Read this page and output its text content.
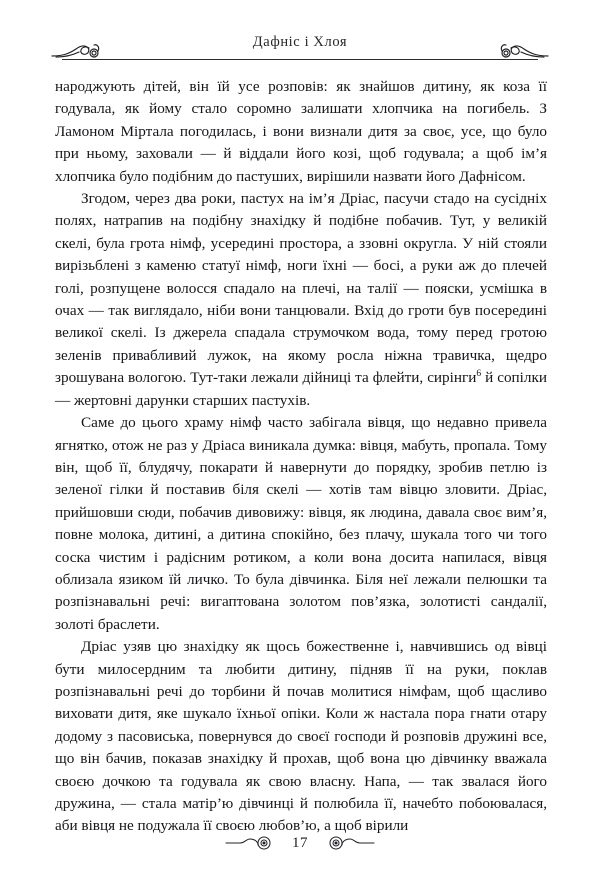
Дафніс і Хлоя

народжують дітей, він їй усе розповів: як знайшов дитину, як коза її годувала, як йому стало соромно залишати хлопчика на погибель. З Ламоном Міртала погодилась, і вони визнали дитя за своє, усе, що було при ньому, заховали — й віддали його козі, щоб годувала; а щоб ім’я хлопчика було подібним до пастуших, вирішили назвати його Дафнісом.

Згодом, через два роки, пастух на ім’я Дріас, пасучи стадо на сусідніх полях, натрапив на подібну знахідку й подібне побачив. Тут, у великій скелі, була грота німф, усередині простора, а ззовні округла. У ній стояли вирізьблені з каменю статуї німф, ноги їхні — босі, а руки аж до плечей голі, розпущене волосся спадало на плечі, на талії — пояски, усмішка в очах — так виглядало, ніби вони танцювали. Вхід до гроти був посередині великої скелі. Із джерела спадала струмочком вода, тому перед гротою зеленів привабливий лужок, на якому росла ніжна травичка, щедро зрошувана вологою. Тут-таки лежали дійниці та флейти, сирінги$^6$ й сопілки — жертовні дарунки старших пастухів.

Саме до цього храму німф часто забігала вівця, що недавно привела ягнятко, отож не раз у Дріаса виникала думка: вівця, мабуть, пропала. Тому він, щоб її, блудячу, покарати й навернути до порядку, зробив петлю із зеленої гілки й поставив біля скелі — хотів там вівцю зловити. Дріас, прийшовши сюди, побачив дивовижу: вівця, як людина, давала своє вим’я, повне молока, дитині, а дитина спокійно, без плачу, шукала того чи того соска чистим і радісним ротиком, а коли вона досита напилася, вівця облизала язиком їй личко. То була дівчинка. Біля неї лежали пелюшки та розпізнавальні речі: вигаптована золотом пов’язка, золотисті сандалії, золоті браслети.

Дріас узяв цю знахідку як щось божественне і, навчившись од вівці бути милосердним та любити дитину, підняв її на руки, поклав розпізнавальні речі до торбини й почав молитися німфам, щоб щасливо виховати дитя, яке шукало їхньої опіки. Коли ж настала пора гнати отару додому з пасовиська, повернувся до своєї господи й розповів дружині все, що він бачив, показав знахідку й прохав, щоб вона цю дівчинку вважала своєю дочкою та годувала як свою власну. Напа, — так звалася його дружина, — стала матір’ю дівчинці й полюбила її, начебто побоювалася, аби вівця не подужала її своєю любов’ю, а щоб вірили

17
